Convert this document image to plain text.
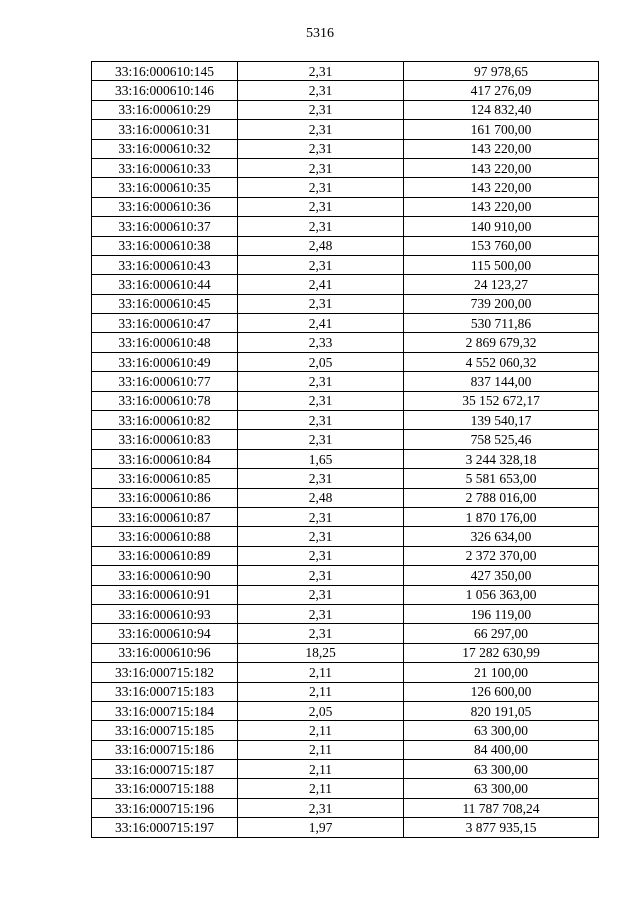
5316
33:16:000610:145	2,31	97 978,65
33:16:000610:146	2,31	417 276,09
33:16:000610:29	2,31	124 832,40
33:16:000610:31	2,31	161 700,00
33:16:000610:32	2,31	143 220,00
33:16:000610:33	2,31	143 220,00
33:16:000610:35	2,31	143 220,00
33:16:000610:36	2,31	143 220,00
33:16:000610:37	2,31	140 910,00
33:16:000610:38	2,48	153 760,00
33:16:000610:43	2,31	115 500,00
33:16:000610:44	2,41	24 123,27
33:16:000610:45	2,31	739 200,00
33:16:000610:47	2,41	530 711,86
33:16:000610:48	2,33	2 869 679,32
33:16:000610:49	2,05	4 552 060,32
33:16:000610:77	2,31	837 144,00
33:16:000610:78	2,31	35 152 672,17
33:16:000610:82	2,31	139 540,17
33:16:000610:83	2,31	758 525,46
33:16:000610:84	1,65	3 244 328,18
33:16:000610:85	2,31	5 581 653,00
33:16:000610:86	2,48	2 788 016,00
33:16:000610:87	2,31	1 870 176,00
33:16:000610:88	2,31	326 634,00
33:16:000610:89	2,31	2 372 370,00
33:16:000610:90	2,31	427 350,00
33:16:000610:91	2,31	1 056 363,00
33:16:000610:93	2,31	196 119,00
33:16:000610:94	2,31	66 297,00
33:16:000610:96	18,25	17 282 630,99
33:16:000715:182	2,11	21 100,00
33:16:000715:183	2,11	126 600,00
33:16:000715:184	2,05	820 191,05
33:16:000715:185	2,11	63 300,00
33:16:000715:186	2,11	84 400,00
33:16:000715:187	2,11	63 300,00
33:16:000715:188	2,11	63 300,00
33:16:000715:196	2,31	11 787 708,24
33:16:000715:197	1,97	3 877 935,15
